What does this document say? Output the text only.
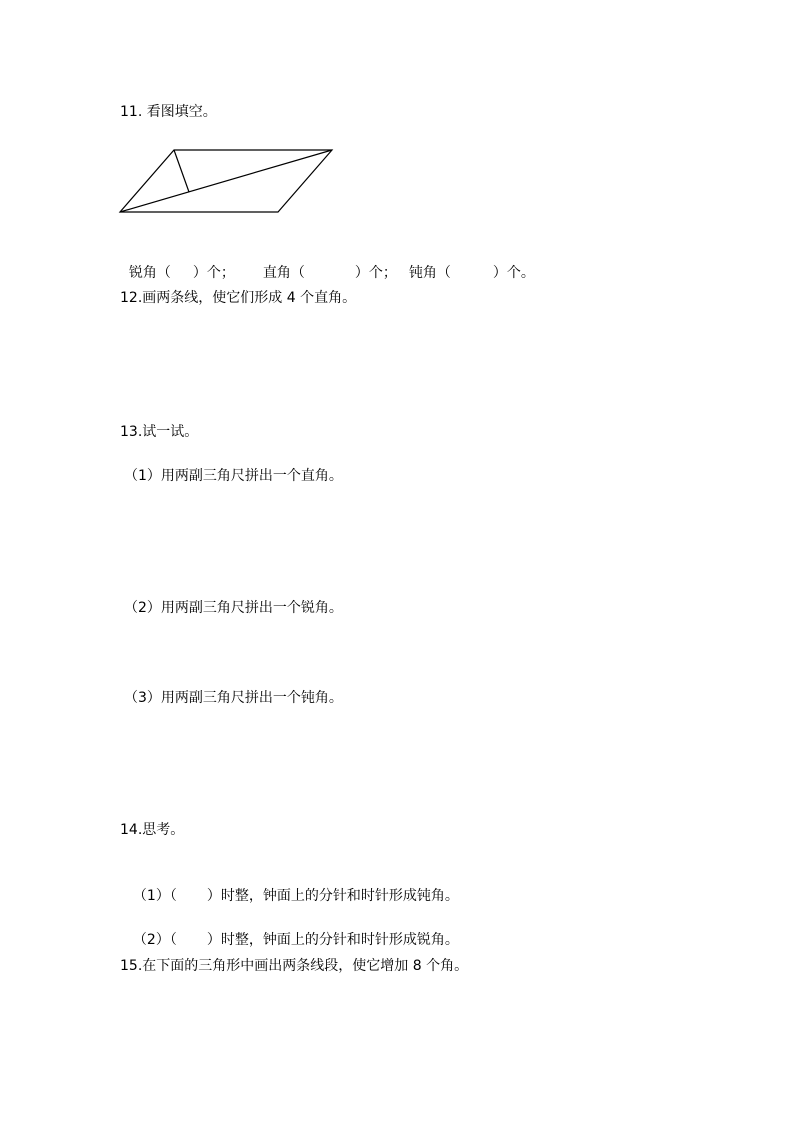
11. 看图填空。

锐角（ ）个； 直角（	）个； 钝角（	）个。

12.画两条线，使它们形成 4 个直角。
13.试一试。
（1）用两副三角尺拼出一个直角。
（2）用两副三角尺拼出一个锐角。
（3）用两副三角尺拼出一个钝角。
14.思考。

（1）（ ）时整，钟面上的分针和时针形成钝角。

（2）（ ）时整，钟面上的分针和时针形成锐角。

15.在下面的三角形中画出两条线段，使它增加 8 个角。
